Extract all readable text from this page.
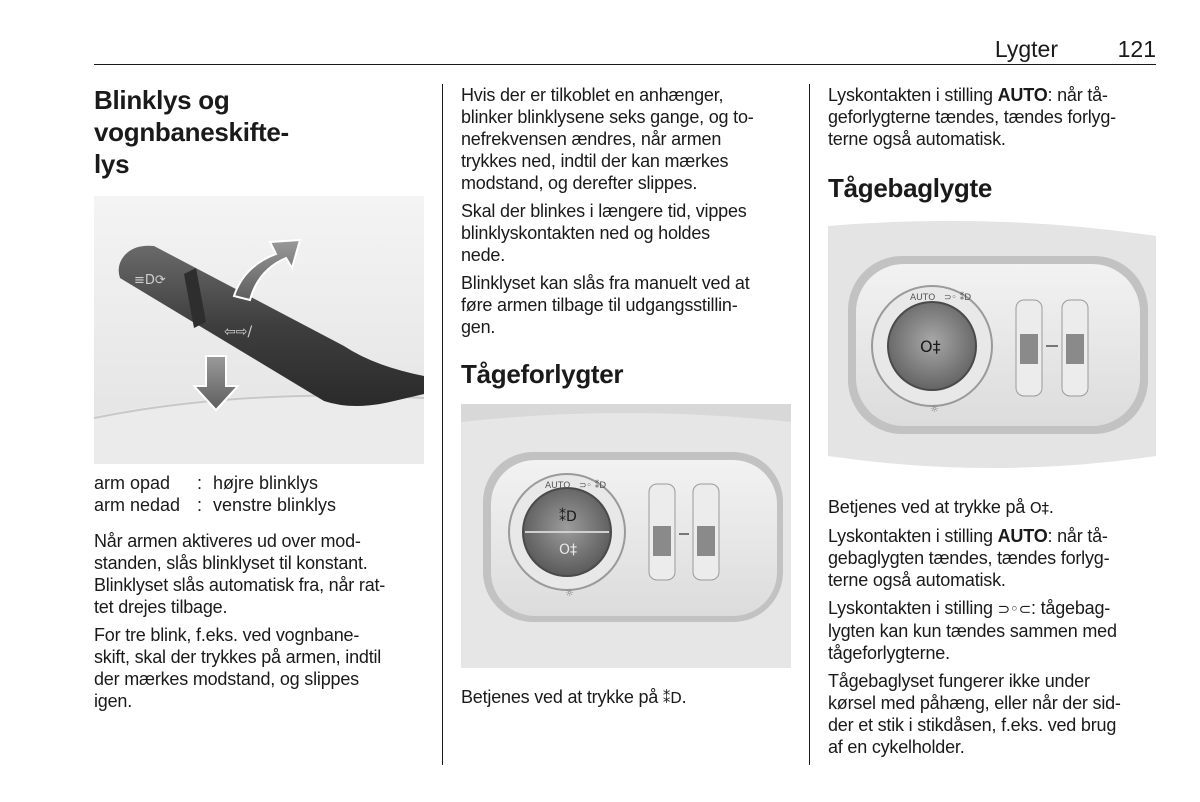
Lygter	121
Blinklys og vognbaneskifte-
lys
≡D⟳
⇦⇨/
arm opad	: højre blinklys
arm nedad : venstre blinklys

Når armen aktiveres ud over mod-
standen, slås blinklyset til konstant.
Blinklyset slås automatisk fra, når rat-
tet drejes tilbage.

For tre blink, f.eks. ved vognbane-
skift, skal der trykkes på armen, indtil
der mærkes modstand, og slippes
igen.

Hvis der er tilkoblet en anhænger,
blinker blinklysene seks gange, og to-
nefrekvensen ændres, når armen
trykkes ned, indtil der kan mærkes
modstand, og derefter slippes.

Skal der blinkes i længere tid, vippes
blinklyskontakten ned og holdes
nede.

Blinklyset kan slås fra manuelt ved at
føre armen tilbage til udgangsstillin-
gen.

Tågeforlygter
⁑D
O‡
AUTO ⊃◦ ⁑D
☼

Betjenes ved at trykke på ⁑D.

Lyskontakten i stilling AUTO: når tå-
geforlygterne tændes, tændes forlyg-
terne også automatisk.

Tågebaglygte
O‡
AUTO ⊃◦ ⁑D
☼

Betjenes ved at trykke på O‡.

Lyskontakten i stilling AUTO: når tå-
gebaglygten tændes, tændes forlyg-
terne også automatisk.

Lyskontakten i stilling ⊃◦⊂: tågebag-
lygten kan kun tændes sammen med
tågeforlygterne.

Tågebaglyset fungerer ikke under
kørsel med påhæng, eller når der sid-
der et stik i stikdåsen, f.eks. ved brug
af en cykelholder.
